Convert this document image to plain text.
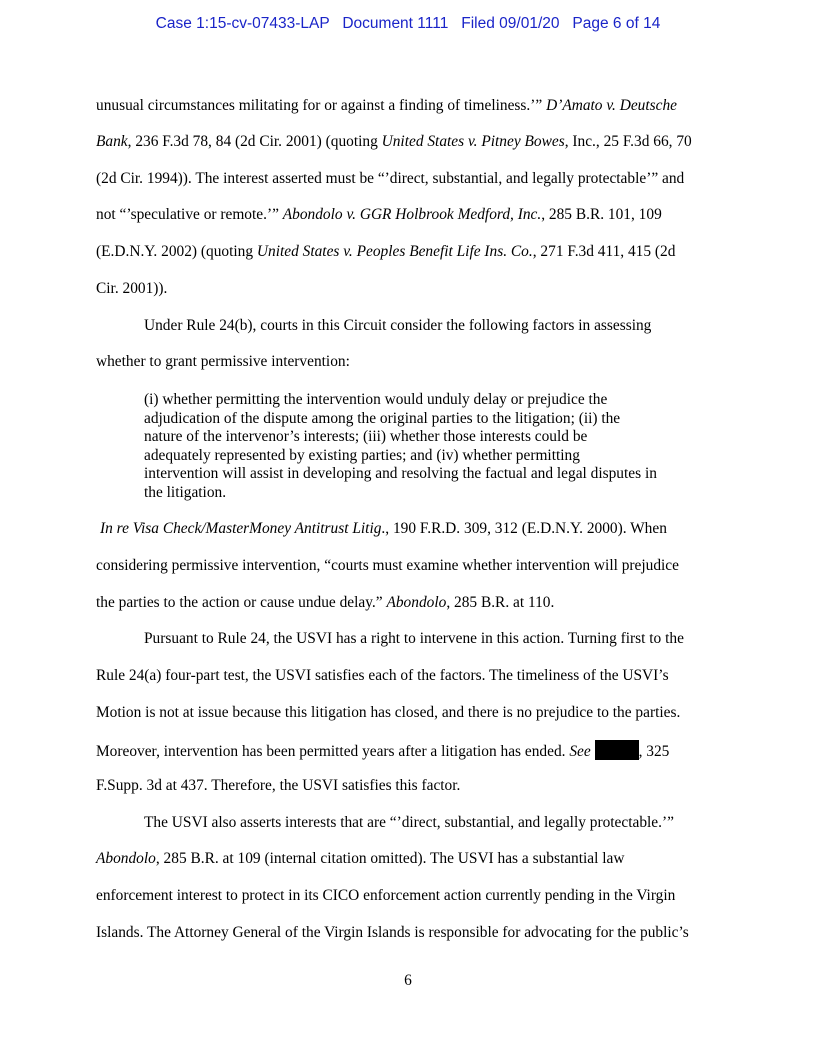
Case 1:15-cv-07433-LAP Document 1111 Filed 09/01/20 Page 6 of 14
unusual circumstances militating for or against a finding of timeliness.’” D’Amato v. Deutsche
Bank, 236 F.3d 78, 84 (2d Cir. 2001) (quoting United States v. Pitney Bowes, Inc., 25 F.3d 66, 70
(2d Cir. 1994)). The interest asserted must be “’direct, substantial, and legally protectable’” and
not “’speculative or remote.’” Abondolo v. GGR Holbrook Medford, Inc., 285 B.R. 101, 109
(E.D.N.Y. 2002) (quoting United States v. Peoples Benefit Life Ins. Co., 271 F.3d 411, 415 (2d
Cir. 2001)).
Under Rule 24(b), courts in this Circuit consider the following factors in assessing
whether to grant permissive intervention:
(i) whether permitting the intervention would unduly delay or prejudice the
adjudication of the dispute among the original parties to the litigation; (ii) the
nature of the intervenor’s interests; (iii) whether those interests could be
adequately represented by existing parties; and (iv) whether permitting
intervention will assist in developing and resolving the factual and legal disputes in
the litigation.
In re Visa Check/MasterMoney Antitrust Litig., 190 F.R.D. 309, 312 (E.D.N.Y. 2000). When
considering permissive intervention, “courts must examine whether intervention will prejudice
the parties to the action or cause undue delay.” Abondolo, 285 B.R. at 110.
Pursuant to Rule 24, the USVI has a right to intervene in this action. Turning first to the
Rule 24(a) four-part test, the USVI satisfies each of the factors. The timeliness of the USVI’s
Motion is not at issue because this litigation has closed, and there is no prejudice to the parties.
Moreover, intervention has been permitted years after a litigation has ended. See	, 325
F.Supp. 3d at 437. Therefore, the USVI satisfies this factor.
The USVI also asserts interests that are “’direct, substantial, and legally protectable.’”
Abondolo, 285 B.R. at 109 (internal citation omitted). The USVI has a substantial law
enforcement interest to protect in its CICO enforcement action currently pending in the Virgin
Islands. The Attorney General of the Virgin Islands is responsible for advocating for the public’s
6
